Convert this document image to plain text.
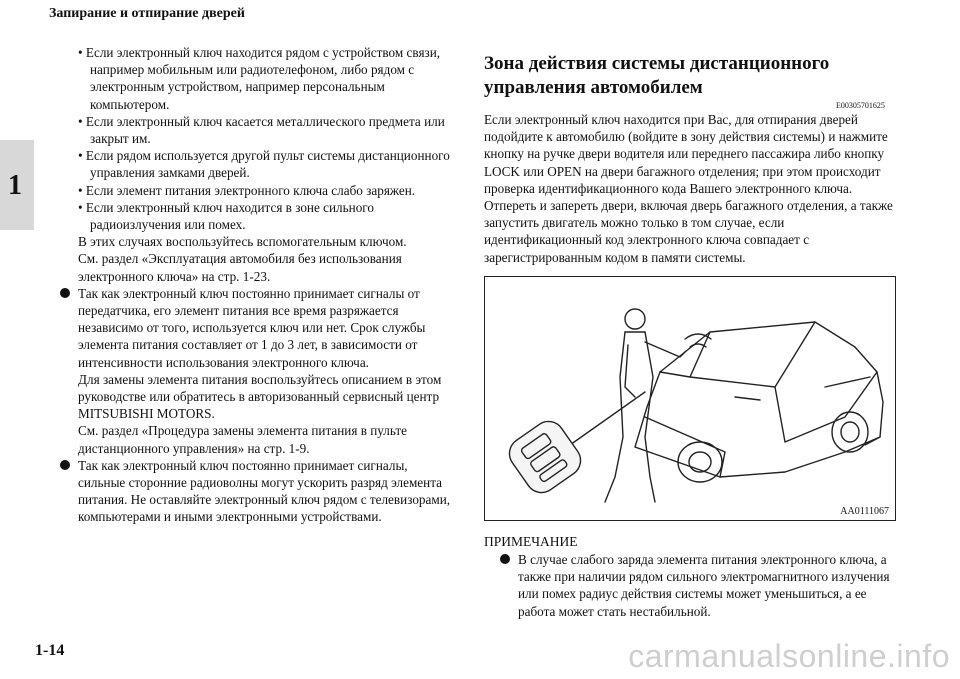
Запирание и отпирание дверей
1

• Если электронный ключ находится рядом с устройством связи, например мобильным или радиотелефоном, либо рядом с электронным устройством, например персональным компьютером.

• Если электронный ключ касается металлического предмета или закрыт им.

• Если рядом используется другой пульт системы дистанционного управления замками дверей.

• Если элемент питания электронного ключа слабо заряжен.

• Если электронный ключ находится в зоне сильного радиоизлучения или помех.

В этих случаях воспользуйтесь вспомогательным ключом.

См. раздел «Эксплуатация автомобиля без использования электронного ключа» на стр. 1-23.

Так как электронный ключ постоянно принимает сигналы от передатчика, его элемент питания все время разряжается независимо от того, используется ключ или нет. Срок службы элемента питания составляет от 1 до 3 лет, в зависимости от интенсивности использования электронного ключа.

Для замены элемента питания воспользуйтесь описанием в этом руководстве или обратитесь в авторизованный сервисный центр MITSUBISHI MOTORS.

См. раздел «Процедура замены элемента питания в пульте дистанционного управления» на стр. 1-9.

Так как электронный ключ постоянно принимает сигналы, сильные сторонние радиоволны могут ускорить разряд элемента питания. Не оставляйте электронный ключ рядом с телевизорами, компьютерами и иными электронными устройствами.

Зона действия системы дистанционного управления автомобилем
E00305701625

Если электронный ключ находится при Вас, для отпирания дверей подойдите к автомобилю (войдите в зону действия системы) и нажмите кнопку на ручке двери водителя или переднего пассажира либо кнопку LOCK или OPEN на двери багажного отделения; при этом происходит проверка идентификационного кода Вашего электронного ключа.

Отпереть и запереть двери, включая дверь багажного отделения, а также запустить двигатель можно только в том случае, если идентификационный код электронного ключа совпадает с зарегистрированным кодом в памяти системы.

AA0111067
ПРИМЕЧАНИЕ

В случае слабого заряда элемента питания электронного ключа, а также при наличии рядом сильного электромагнитного излучения или помех радиус действия системы может уменьшиться, а ее работа может стать нестабильной.

1-14	carmanualsonline.info
